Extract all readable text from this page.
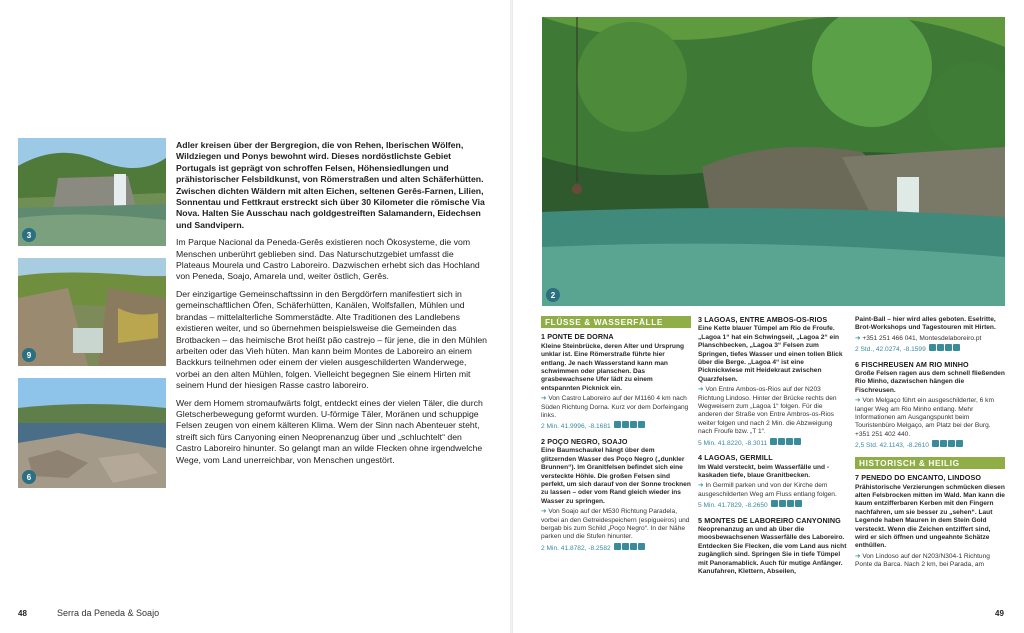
3
9
6

Adler kreisen über der Bergregion, die von Rehen, Iberischen Wölfen, Wildziegen und Ponys bewohnt wird. Dieses nordöstlichste Gebiet Portugals ist geprägt von schroffen Felsen, Höhensiedlungen und prähistorischer Felsbildkunst, von Römerstraßen und alten Schäferhütten. Zwischen dichten Wäldern mit alten Eichen, seltenen Gerês-Farnen, Lilien, Sonnentau und Fettkraut erstreckt sich über 30 Kilometer die römische Via Nova. Halten Sie Ausschau nach goldgestreiften Salamandern, Eidechsen und Sandvipern.

Im Parque Nacional da Peneda-Gerês existieren noch Ökosysteme, die vom Menschen unberührt geblieben sind. Das Naturschutzgebiet umfasst die Plateaus Mourela und Castro Laboreiro. Dazwischen erhebt sich das Hochland von Peneda, Soajo, Amarela und, weiter östlich, Gerês.

Der einzigartige Gemeinschaftssinn in den Bergdörfern manifestiert sich in gemeinschaftlichen Öfen, Schäferhütten, Kanälen, Wolfsfallen, Mühlen und brandas – mittelalterliche Sommerstädte. Alte Traditionen des Landlebens existieren weiter, und so übernehmen beispielsweise die Gemeinden das Brotbacken – das heimische Brot heißt pão castrejo – für jene, die in den Mühlen arbeiten oder das Vieh hüten. Man kann beim Montes de Laboreiro an einem Backkurs teilnehmen oder einem der vielen ausgeschilderten Wanderwege, vorbei an den alten Mühlen, folgen. Vielleicht begegnen Sie einem Hirten mit seinem Hund der hiesigen Rasse castro laboreiro.

Wer dem Homem stromaufwärts folgt, entdeckt eines der vielen Täler, die durch Gletscherbewegung geformt wurden. U-förmige Täler, Moränen und schuppige Felsen zeugen von einem kälteren Klima. Wem der Sinn nach Abenteuer steht, streift sich fürs Canyoning einen Neoprenanzug über und „schluchtelt“ den Castro Laboreiro hinunter. So gelangt man an wilde Flecken ohne irgendwelche Wege, vom Land unerreichbar, von Menschen ungestört.

48	Serra da Peneda & Soajo
2
FLÜSSE & WASSERFÄLLE
1 PONTE DE DORNA
Kleine Steinbrücke, deren Alter und Ursprung unklar ist. Eine Römerstraße führte hier entlang. Je nach Wasserstand kann man schwimmen oder planschen. Das grasbewachsene Ufer lädt zu einem entspannten Picknick ein.
➔ Von Castro Laboreiro auf der M1160 4 km nach Süden Richtung Dorna. Kurz vor dem Dorfeingang links.
2 Min. 41.9996, -8.1681
2 POÇO NEGRO, SOAJO
Eine Baumschaukel hängt über dem glitzernden Wasser des Poço Negro („dunkler Brunnen“). Im Granitfelsen befindet sich eine versteckte Höhle. Die großen Felsen sind perfekt, um sich darauf von der Sonne trocknen zu lassen – oder vom Rand gleich wieder ins Wasser zu springen.
➔ Von Soajo auf der M530 Richtung Paradela, vorbei an den Getreidespeichern (espigueiros) und bergab bis zum Schild „Poço Negro“. In der Nähe parken und die Stufen hinunter.
2 Min. 41.8782, -8.2582
3 LAGOAS, ENTRE AMBOS-OS-RIOS
Eine Kette blauer Tümpel am Rio de Froufe. „Lagoa 1“ hat ein Schwingseil, „Lagoa 2“ ein Planschbecken, „Lagoa 3“ Felsen zum Springen, tiefes Wasser und einen tollen Blick über die Berge. „Lagoa 4“ ist eine Picknickwiese mit Heidekraut zwischen Quarzfelsen.
➔ Von Entre Ambos-os-Rios auf der N203 Richtung Lindoso. Hinter der Brücke rechts den Wegweisern zum „Lagoa 1“ folgen. Für die anderen der Straße von Entre Ambros-os-Rios weiter folgen und nach 2 Min. die Abzweigung nach Froufe bzw. „T 1“.
5 Min. 41.8220, -8.3011
4 LAGOAS, GERMILL
Im Wald versteckt, beim Wasserfälle und -kaskaden tiefe, blaue Granitbecken.
➔ In Germill parken und von der Kirche dem ausgeschilderten Weg am Fluss entlang folgen.
5 Min. 41.7829, -8.2650
5 MONTES DE LABOREIRO CANYONING
Neoprenanzug an und ab über die moosbewachsenen Wasserfälle des Laboreiro. Entdecken Sie Flecken, die vom Land aus nicht zugänglich sind. Springen Sie in tiefe Tümpel mit Panoramablick. Auch für mutige Anfänger. Kanufahren, Klettern, Abseilen,
Paint-Ball – hier wird alles geboten. Eselritte, Brot-Workshops und Tagestouren mit Hirten.
➔ +351 251 466 041, Montesdelaboreiro.pt
2 Std., 42.0274, -8.1599
6 FISCHREUSEN AM RIO MINHO
Große Felsen ragen aus dem schnell fließenden Rio Minho, dazwischen hängen die Fischreusen.
➔ Von Melgaço führt ein ausgeschilderter, 6 km langer Weg am Rio Minho entlang. Mehr Informationen am Ausgangspunkt beim Touristenbüro Melgaço, am Platz bei der Burg. +351 251 402 440.
2,5 Std. 42.1143, -8.2610
HISTORISCH & HEILIG
7 PENEDO DO ENCANTO, LINDOSO
Prähistorische Verzierungen schmücken diesen alten Felsbrocken mitten im Wald. Man kann die kaum entzifferbaren Kerben mit den Fingern nachfahren, um sie besser zu „sehen“. Laut Legende haben Mauren in dem Stein Gold versteckt. Wenn die Zeichen entziffert sind, wird er sich öffnen und ungeahnte Schätze enthüllen.
➔ Von Lindoso auf der N203/N304-1 Richtung Ponte da Barca. Nach 2 km, bei Parada, am
49
